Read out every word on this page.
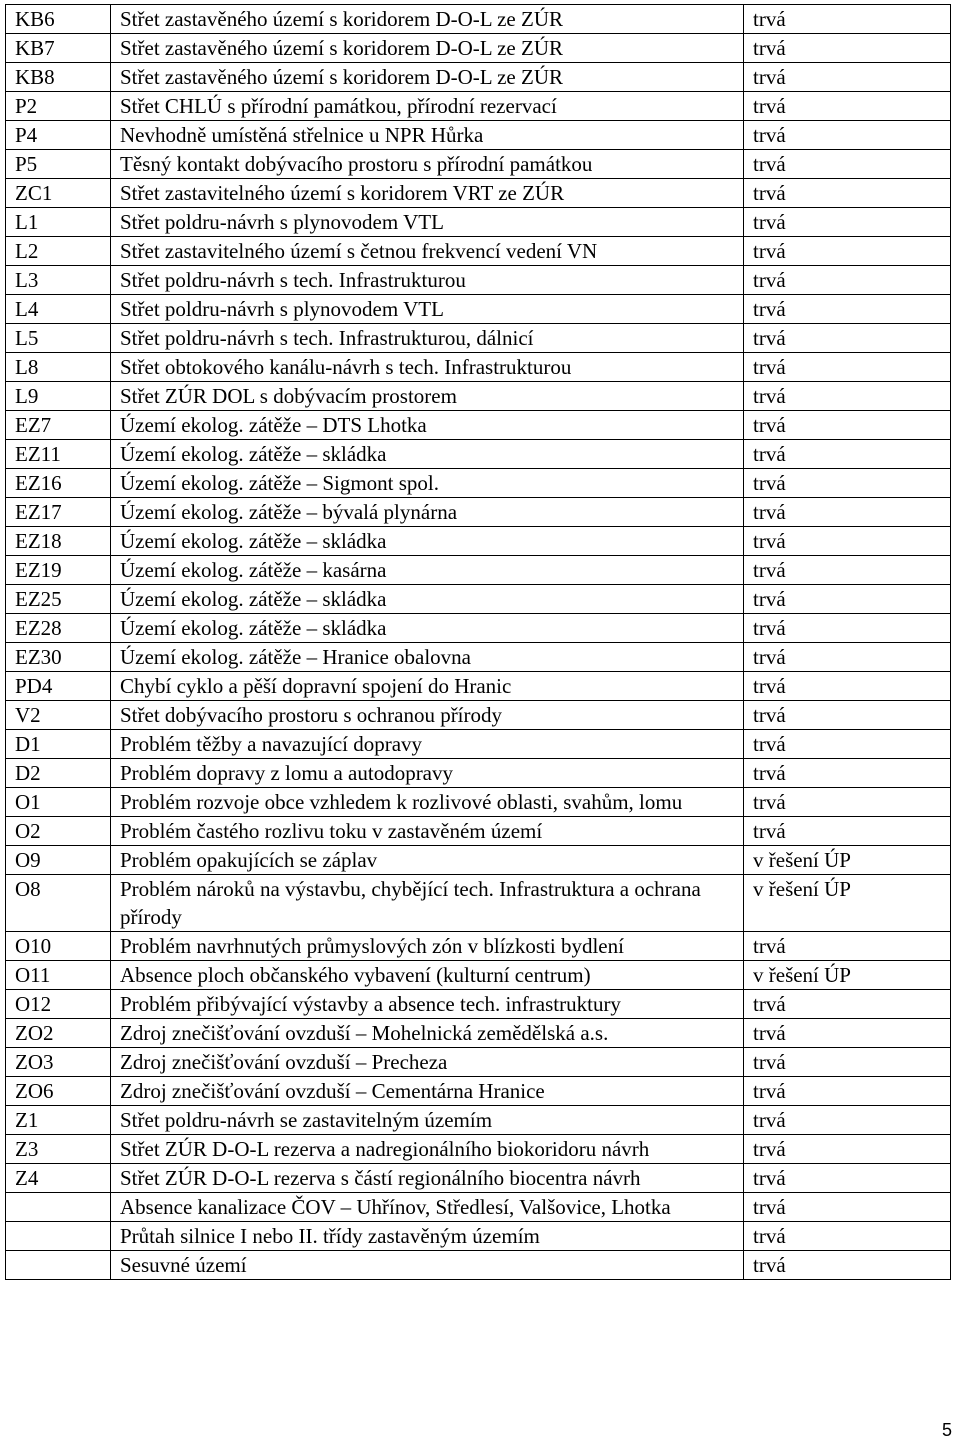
KB6	Střet zastavěného území s koridorem D-O-L ze ZÚR	trvá
KB7	Střet zastavěného území s koridorem D-O-L ze ZÚR	trvá
KB8	Střet zastavěného území s koridorem D-O-L ze ZÚR	trvá
P2	Střet CHLÚ s přírodní památkou, přírodní rezervací	trvá
P4	Nevhodně umístěná střelnice u NPR Hůrka	trvá
P5	Těsný kontakt dobývacího prostoru s přírodní památkou	trvá
ZC1	Střet zastavitelného území s koridorem VRT ze ZÚR	trvá
L1	Střet poldru-návrh s plynovodem VTL	trvá
L2	Střet zastavitelného území s četnou frekvencí vedení VN	trvá
L3	Střet poldru-návrh s tech. Infrastrukturou	trvá
L4	Střet poldru-návrh s plynovodem VTL	trvá
L5	Střet poldru-návrh s tech. Infrastrukturou, dálnicí	trvá
L8	Střet obtokového kanálu-návrh s tech. Infrastrukturou	trvá
L9	Střet ZÚR DOL s dobývacím prostorem	trvá
EZ7	Území ekolog. zátěže – DTS Lhotka	trvá
EZ11	Území ekolog. zátěže – skládka	trvá
EZ16	Území ekolog. zátěže – Sigmont spol.	trvá
EZ17	Území ekolog. zátěže – bývalá plynárna	trvá
EZ18	Území ekolog. zátěže – skládka	trvá
EZ19	Území ekolog. zátěže – kasárna	trvá
EZ25	Území ekolog. zátěže – skládka	trvá
EZ28	Území ekolog. zátěže – skládka	trvá
EZ30	Území ekolog. zátěže – Hranice obalovna	trvá
PD4	Chybí cyklo a pěší dopravní spojení do Hranic	trvá
V2	Střet dobývacího prostoru s ochranou přírody	trvá
D1	Problém těžby a navazující dopravy	trvá
D2	Problém dopravy z lomu a autodopravy	trvá
O1	Problém rozvoje obce vzhledem k rozlivové oblasti, svahům, lomu	trvá
O2	Problém častého rozlivu toku v zastavěném území	trvá
O9	Problém opakujících se záplav	v řešení ÚP
O8	Problém nároků na výstavbu, chybějící tech. Infrastruktura a ochrana přírody	v řešení ÚP
O10	Problém navrhnutých průmyslových zón v blízkosti bydlení	trvá
O11	Absence ploch občanského vybavení (kulturní centrum)	v řešení ÚP
O12	Problém přibývající výstavby a absence tech. infrastruktury	trvá
ZO2	Zdroj znečišťování ovzduší – Mohelnická zemědělská a.s.	trvá
ZO3	Zdroj znečišťování ovzduší – Precheza	trvá
ZO6	Zdroj znečišťování ovzduší – Cementárna Hranice	trvá
Z1	Střet poldru-návrh se zastavitelným územím	trvá
Z3	Střet ZÚR D-O-L rezerva a nadregionálního biokoridoru návrh	trvá
Z4	Střet ZÚR D-O-L rezerva s částí regionálního biocentra návrh	trvá
	Absence kanalizace ČOV – Uhřínov, Středlesí, Valšovice, Lhotka	trvá
	Průtah silnice I nebo II. třídy zastavěným územím	trvá
	Sesuvné území	trvá
5
